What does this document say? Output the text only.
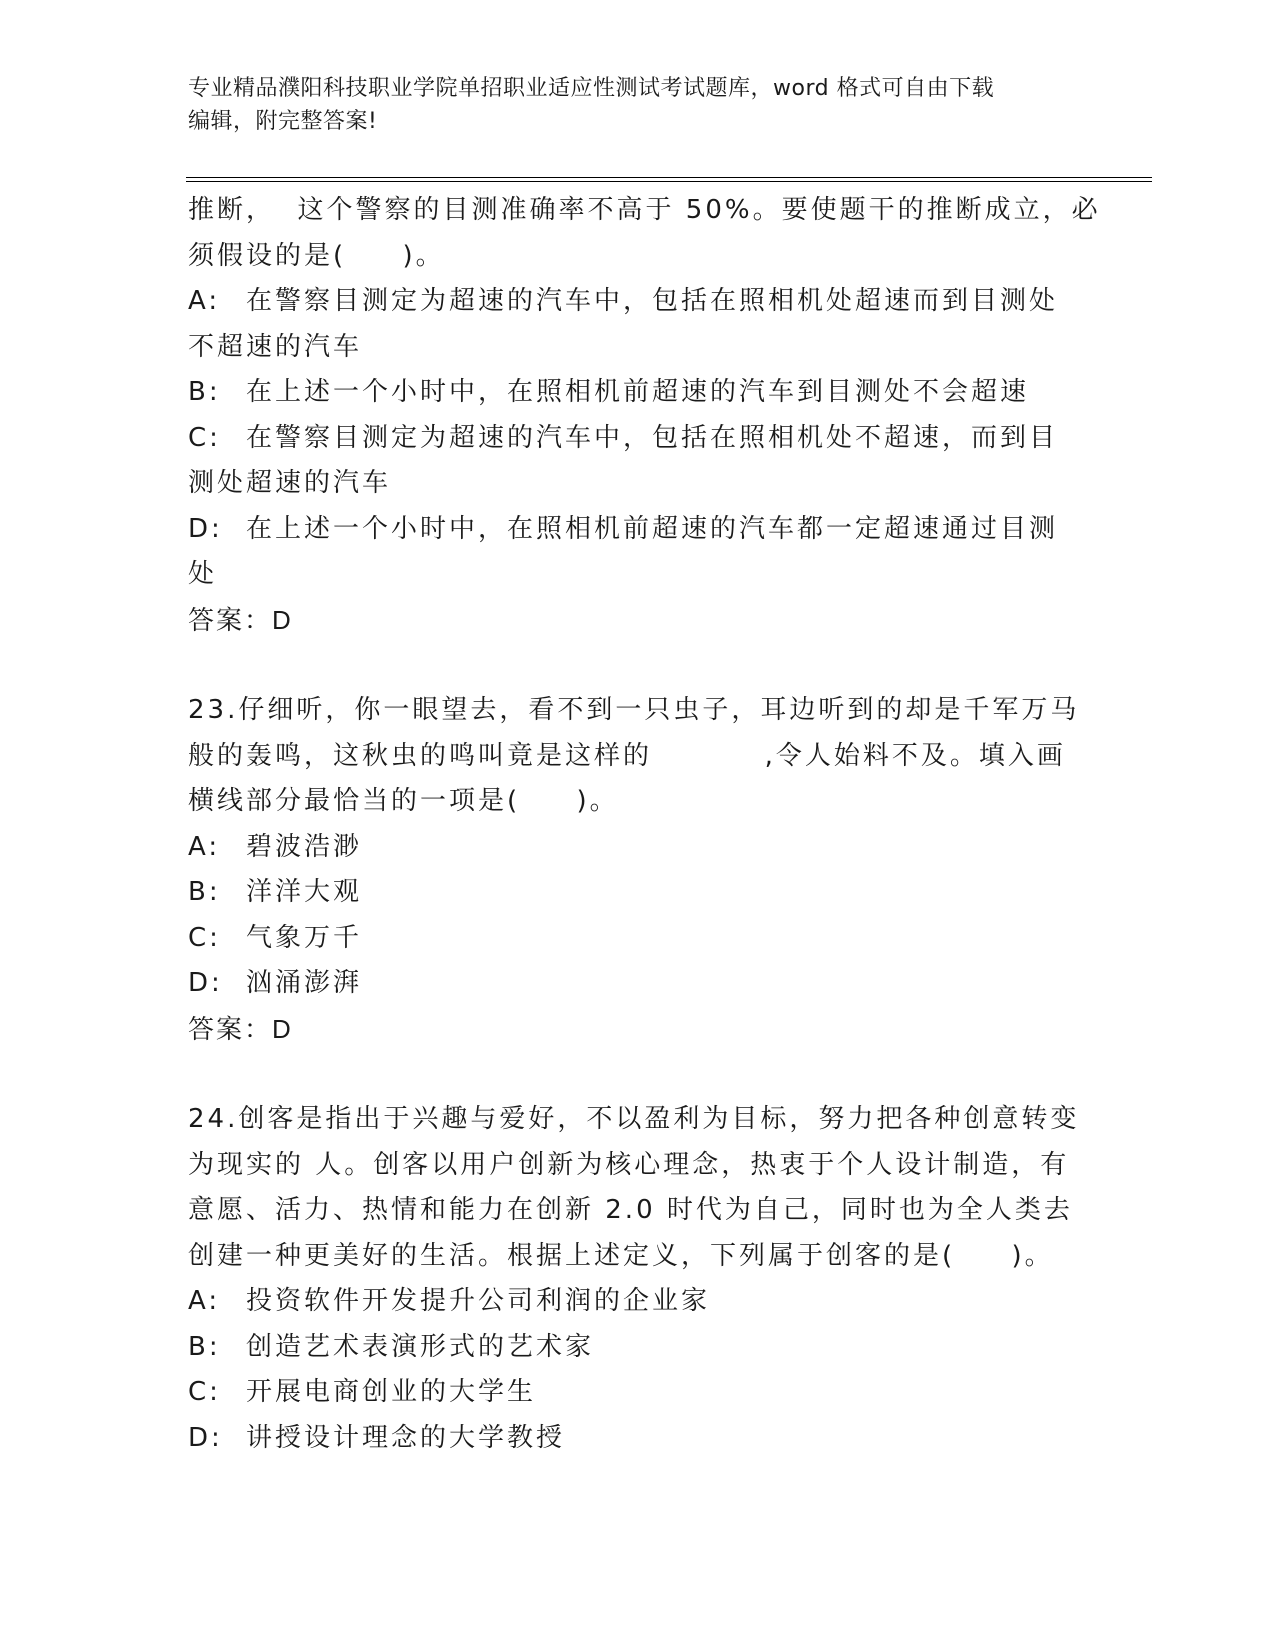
专业精品濮阳科技职业学院单招职业适应性测试考试题库，word 格式可自由下载
编辑，附完整答案!
推断，  这个警察的目测准确率不高于 50%。要使题干的推断成立，必
须假设的是(     )。
A: 在警察目测定为超速的汽车中，包括在照相机处超速而到目测处
不超速的汽车
B: 在上述一个小时中，在照相机前超速的汽车到目测处不会超速
C: 在警察目测定为超速的汽车中，包括在照相机处不超速，而到目
测处超速的汽车
D: 在上述一个小时中，在照相机前超速的汽车都一定超速通过目测
处
答案：D
23.仔细听，你一眼望去，看不到一只虫子，耳边听到的却是千军万马
般的轰鸣，这秋虫的鸣叫竟是这样的          ,令人始料不及。填入画
横线部分最恰当的一项是(     )。
A: 碧波浩渺
B: 洋洋大观
C: 气象万千
D: 汹涌澎湃
答案：D
24.创客是指出于兴趣与爱好，不以盈利为目标，努力把各种创意转变
为现实的 人。创客以用户创新为核心理念，热衷于个人设计制造，有
意愿、活力、热情和能力在创新 2.0 时代为自己，同时也为全人类去
创建一种更美好的生活。根据上述定义，下列属于创客的是(     )。
A: 投资软件开发提升公司利润的企业家
B: 创造艺术表演形式的艺术家
C: 开展电商创业的大学生
D: 讲授设计理念的大学教授
